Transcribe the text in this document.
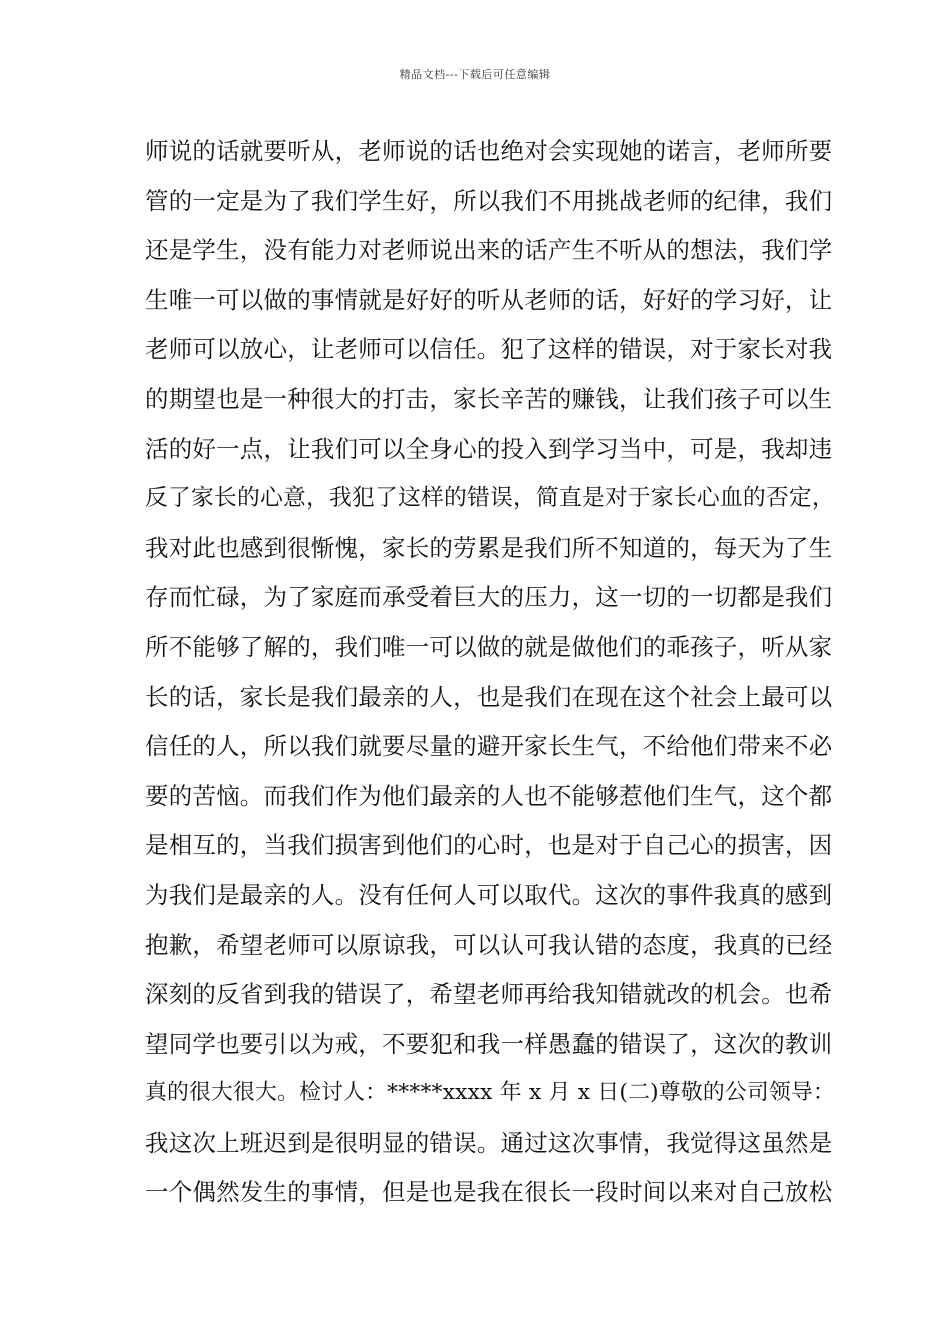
精品文档---下载后可任意编辑
师说的话就要听从，老师说的话也绝对会实现她的诺言，老师所要
管的一定是为了我们学生好，所以我们不用挑战老师的纪律，我们
还是学生，没有能力对老师说出来的话产生不听从的想法，我们学
生唯一可以做的事情就是好好的听从老师的话，好好的学习好，让
老师可以放心，让老师可以信任。犯了这样的错误，对于家长对我
的期望也是一种很大的打击，家长辛苦的赚钱，让我们孩子可以生
活的好一点，让我们可以全身心的投入到学习当中，可是，我却违
反了家长的心意，我犯了这样的错误，简直是对于家长心血的否定，
我对此也感到很惭愧，家长的劳累是我们所不知道的，每天为了生
存而忙碌，为了家庭而承受着巨大的压力，这一切的一切都是我们
所不能够了解的，我们唯一可以做的就是做他们的乖孩子，听从家
长的话，家长是我们最亲的人，也是我们在现在这个社会上最可以
信任的人，所以我们就要尽量的避开家长生气，不给他们带来不必
要的苦恼。而我们作为他们最亲的人也不能够惹他们生气，这个都
是相互的，当我们损害到他们的心时，也是对于自己心的损害，因
为我们是最亲的人。没有任何人可以取代。这次的事件我真的感到
抱歉，希望老师可以原谅我，可以认可我认错的态度，我真的已经
深刻的反省到我的错误了，希望老师再给我知错就改的机会。也希
望同学也要引以为戒，不要犯和我一样愚蠢的错误了，这次的教训
真的很大很大。检讨人：*****xxxx 年 x 月 x 日(二)尊敬的公司领导：
我这次上班迟到是很明显的错误。通过这次事情，我觉得这虽然是
一个偶然发生的事情，但是也是我在很长一段时间以来对自己放松
